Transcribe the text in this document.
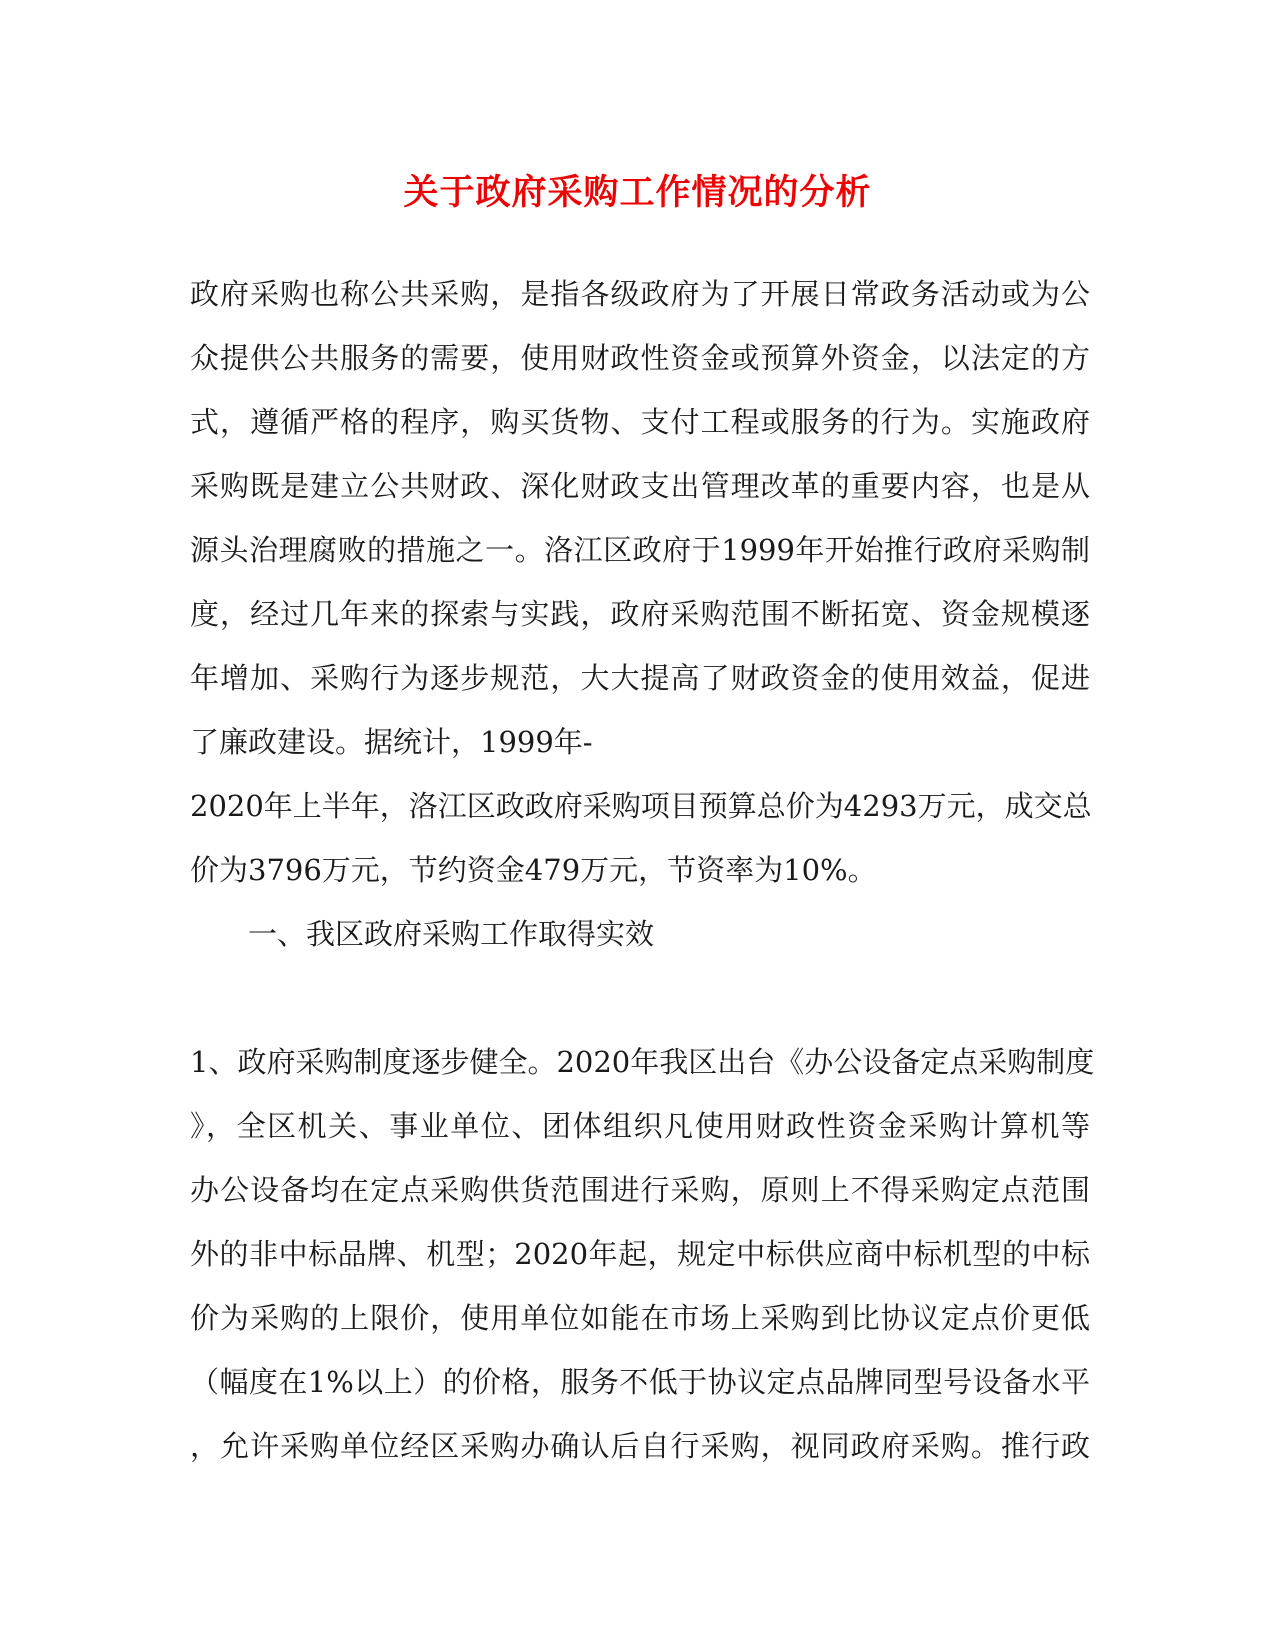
关于政府采购工作情况的分析
政府采购也称公共采购，是指各级政府为了开展日常政务活动或为公
众提供公共服务的需要，使用财政性资金或预算外资金，以法定的方
式，遵循严格的程序，购买货物、支付工程或服务的行为。实施政府
采购既是建立公共财政、深化财政支出管理改革的重要内容，也是从
源头治理腐败的措施之一。洛江区政府于1999年开始推行政府采购制
度，经过几年来的探索与实践，政府采购范围不断拓宽、资金规模逐
年增加、采购行为逐步规范，大大提高了财政资金的使用效益，促进
了廉政建设。据统计，1999年-
2020年上半年，洛江区政政府采购项目预算总价为4293万元，成交总
价为3796万元，节约资金479万元，节资率为10%。
一、我区政府采购工作取得实效
1、政府采购制度逐步健全。2020年我区出台《办公设备定点采购制度
》，全区机关、事业单位、团体组织凡使用财政性资金采购计算机等
办公设备均在定点采购供货范围进行采购，原则上不得采购定点范围
外的非中标品牌、机型；2020年起，规定中标供应商中标机型的中标
价为采购的上限价，使用单位如能在市场上采购到比协议定点价更低
（幅度在1%以上）的价格，服务不低于协议定点品牌同型号设备水平
，允许采购单位经区采购办确认后自行采购，视同政府采购。推行政
